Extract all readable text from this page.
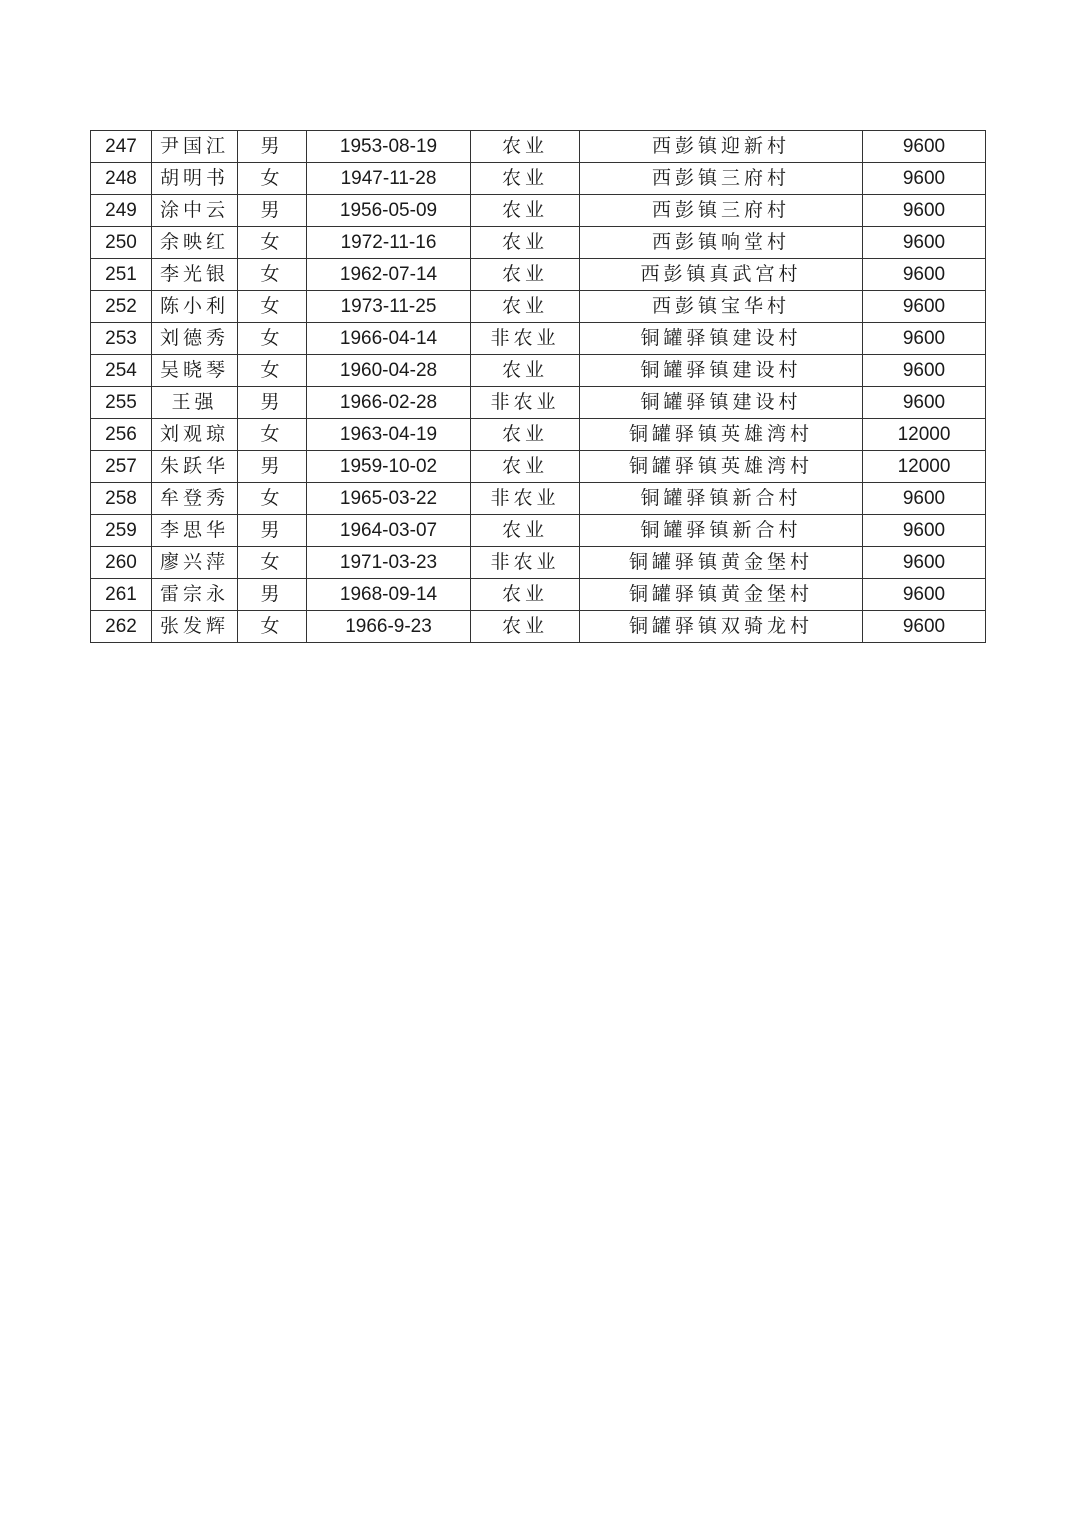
247	尹国江	男	1953-08-19	农业	西彭镇迎新村	9600
248	胡明书	女	1947-11-28	农业	西彭镇三府村	9600
249	涂中云	男	1956-05-09	农业	西彭镇三府村	9600
250	余映红	女	1972-11-16	农业	西彭镇响堂村	9600
251	李光银	女	1962-07-14	农业	西彭镇真武宫村	9600
252	陈小利	女	1973-11-25	农业	西彭镇宝华村	9600
253	刘德秀	女	1966-04-14	非农业	铜罐驿镇建设村	9600
254	吴晓琴	女	1960-04-28	农业	铜罐驿镇建设村	9600
255	王强	男	1966-02-28	非农业	铜罐驿镇建设村	9600
256	刘观琼	女	1963-04-19	农业	铜罐驿镇英雄湾村	12000
257	朱跃华	男	1959-10-02	农业	铜罐驿镇英雄湾村	12000
258	牟登秀	女	1965-03-22	非农业	铜罐驿镇新合村	9600
259	李思华	男	1964-03-07	农业	铜罐驿镇新合村	9600
260	廖兴萍	女	1971-03-23	非农业	铜罐驿镇黄金堡村	9600
261	雷宗永	男	1968-09-14	农业	铜罐驿镇黄金堡村	9600
262	张发辉	女	1966-9-23	农业	铜罐驿镇双骑龙村	9600
